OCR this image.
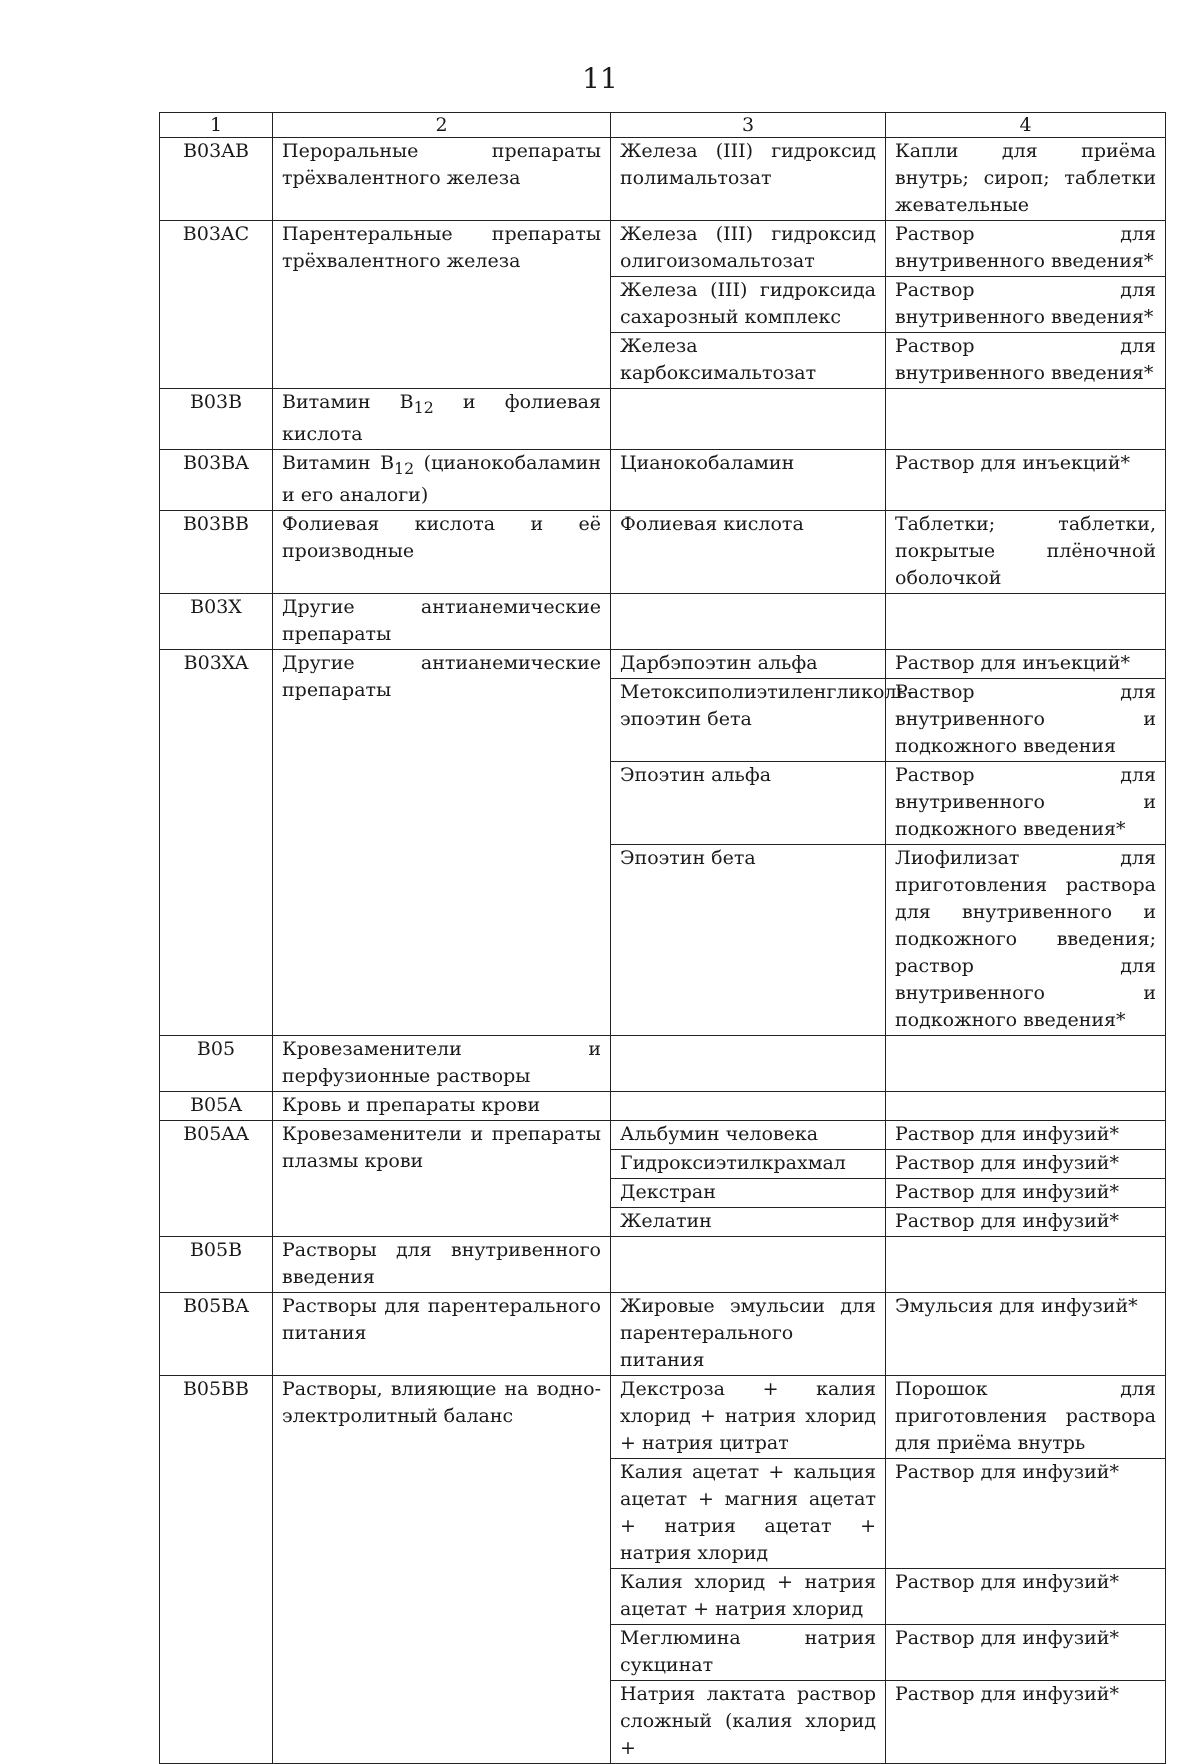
11
1	2	3	4
B03AB	Пероральные препараты трёхвалентного железа	Железа (III) гидроксид полимальтозат	Капли для приёма внутрь; сироп; таблетки жевательные
B03AC	Парентеральные препараты трёхвалентного железа	Железа (III) гидроксид олигоизомальтозат	Раствор для внутривенного введения*
		Железа (III) гидроксида сахарозный комплекс	Раствор для внутривенного введения*
		Железа карбоксимальтозат	Раствор для внутривенного введения*
B03B	Витамин $B_{12}$ и фолиевая кислота		
B03BA	Витамин $B_{12}$ (цианокобаламин и его аналоги)	Цианокобаламин	Раствор для инъекций*
B03BB	Фолиевая кислота и её производные	Фолиевая кислота	Таблетки; таблетки, покрытые плёночной оболочкой
B03X	Другие антианемические препараты		
B03XA	Другие антианемические препараты	Дарбэпоэтин альфа	Раствор для инъекций*
		Метоксиполиэтиленгликоль-эпоэтин бета	Раствор для внутривенного и подкожного введения
		Эпоэтин альфа	Раствор для внутривенного и подкожного введения*
		Эпоэтин бета	Лиофилизат для приготовления раствора для внутривенного и подкожного введения; раствор для внутривенного и подкожного введения*
B05	Кровезаменители и перфузионные растворы		
B05A	Кровь и препараты крови		
B05AA	Кровезаменители и препараты плазмы крови	Альбумин человека	Раствор для инфузий*
		Гидроксиэтилкрахмал	Раствор для инфузий*
		Декстран	Раствор для инфузий*
		Желатин	Раствор для инфузий*
B05B	Растворы для внутривенного введения		
B05BA	Растворы для парентерального питания	Жировые эмульсии для парентерального питания	Эмульсия для инфузий*
B05BB	Растворы, влияющие на водно-электролитный баланс	Декстроза + калия хлорид + натрия хлорид + натрия цитрат	Порошок для приготовления раствора для приёма внутрь
		Калия ацетат + кальция ацетат + магния ацетат + натрия ацетат + натрия хлорид	Раствор для инфузий*
		Калия хлорид + натрия ацетат + натрия хлорид	Раствор для инфузий*
		Меглюмина натрия сукцинат	Раствор для инфузий*
		Натрия лактата раствор сложный (калия хлорид +	Раствор для инфузий*
